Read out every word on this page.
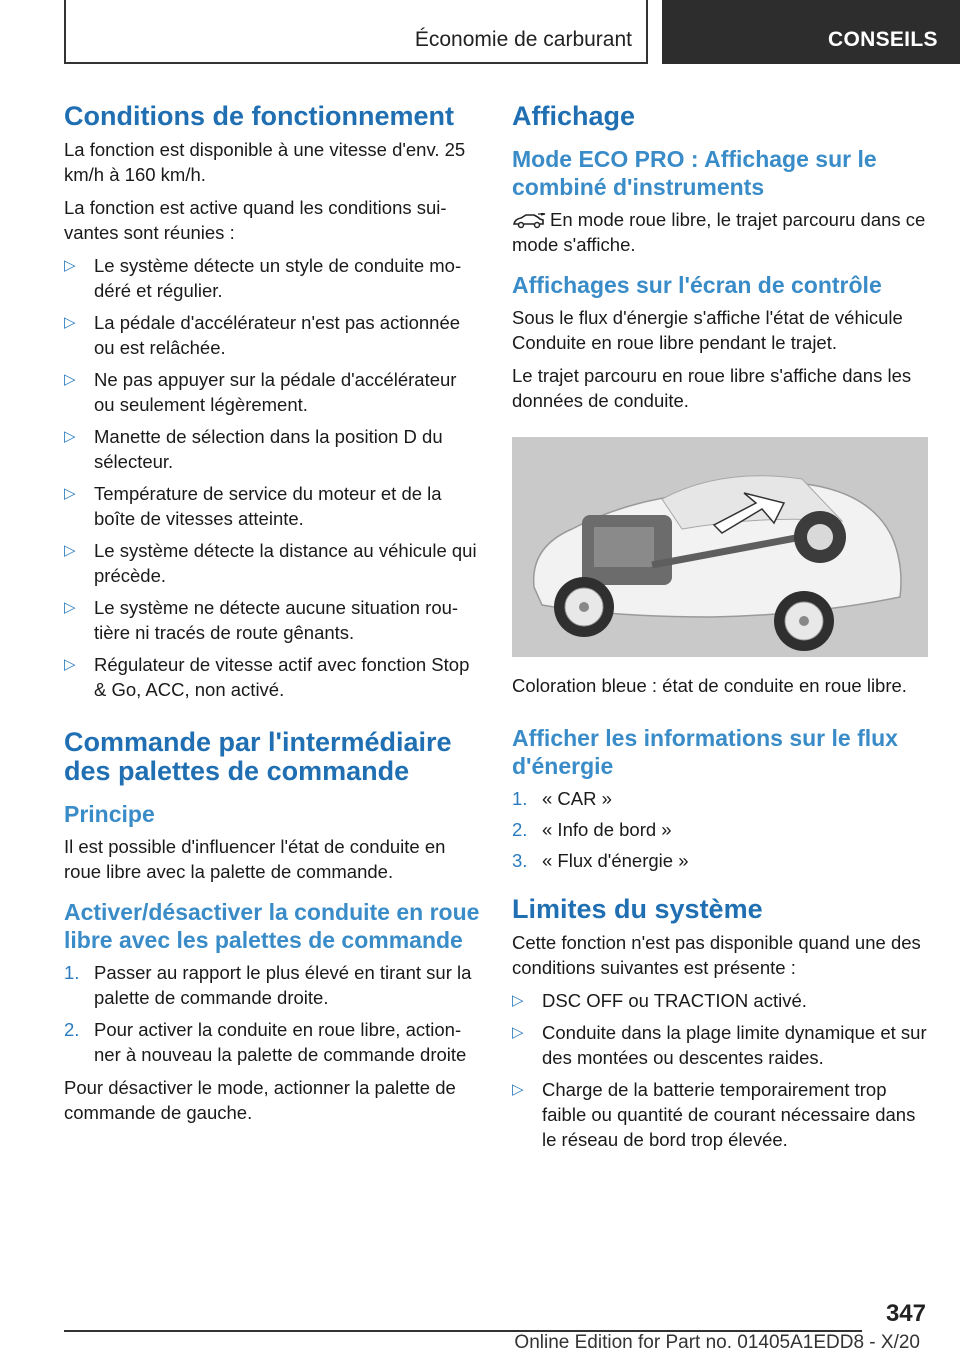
Économie de carburant	CONSEILS
Conditions de fonctionnement

La fonction est disponible à une vitesse d'env. 25 km/h à 160 km/h.

La fonction est active quand les conditions suivantes sont réunies :

▷ Le système détecte un style de conduite modéré et régulier.
▷ La pédale d'accélérateur n'est pas actionnée ou est relâchée.
▷ Ne pas appuyer sur la pédale d'accélérateur ou seulement légèrement.
▷ Manette de sélection dans la position D du sélecteur.
▷ Température de service du moteur et de la boîte de vitesses atteinte.
▷ Le système détecte la distance au véhicule qui précède.
▷ Le système ne détecte aucune situation routière ni tracés de route gênants.
▷ Régulateur de vitesse actif avec fonction Stop & Go, ACC, non activé.
Commande par l'intermédiaire des palettes de commande
Principe

Il est possible d'influencer l'état de conduite en roue libre avec la palette de commande.

Activer/désactiver la conduite en roue libre avec les palettes de commande
1. Passer au rapport le plus élevé en tirant sur la palette de commande droite.
2. Pour activer la conduite en roue libre, actionner à nouveau la palette de commande droite

Pour désactiver le mode, actionner la palette de commande de gauche.

Affichage
Mode ECO PRO : Affichage sur le combiné d'instruments

En mode roue libre, le trajet parcouru dans ce mode s'affiche.

Affichages sur l'écran de contrôle

Sous le flux d'énergie s'affiche l'état de véhicule Conduite en roue libre pendant le trajet.

Le trajet parcouru en roue libre s'affiche dans les données de conduite.

Coloration bleue : état de conduite en roue libre.

Afficher les informations sur le flux d'énergie
1. « CAR »
2. « Info de bord »
3. « Flux d'énergie »
Limites du système

Cette fonction n'est pas disponible quand une des conditions suivantes est présente :

▷ DSC OFF ou TRACTION activé.
▷ Conduite dans la plage limite dynamique et sur des montées ou descentes raides.
▷ Charge de la batterie temporairement trop faible ou quantité de courant nécessaire dans le réseau de bord trop élevée.
347
Online Edition for Part no. 01405A1EDD8 - X/20
